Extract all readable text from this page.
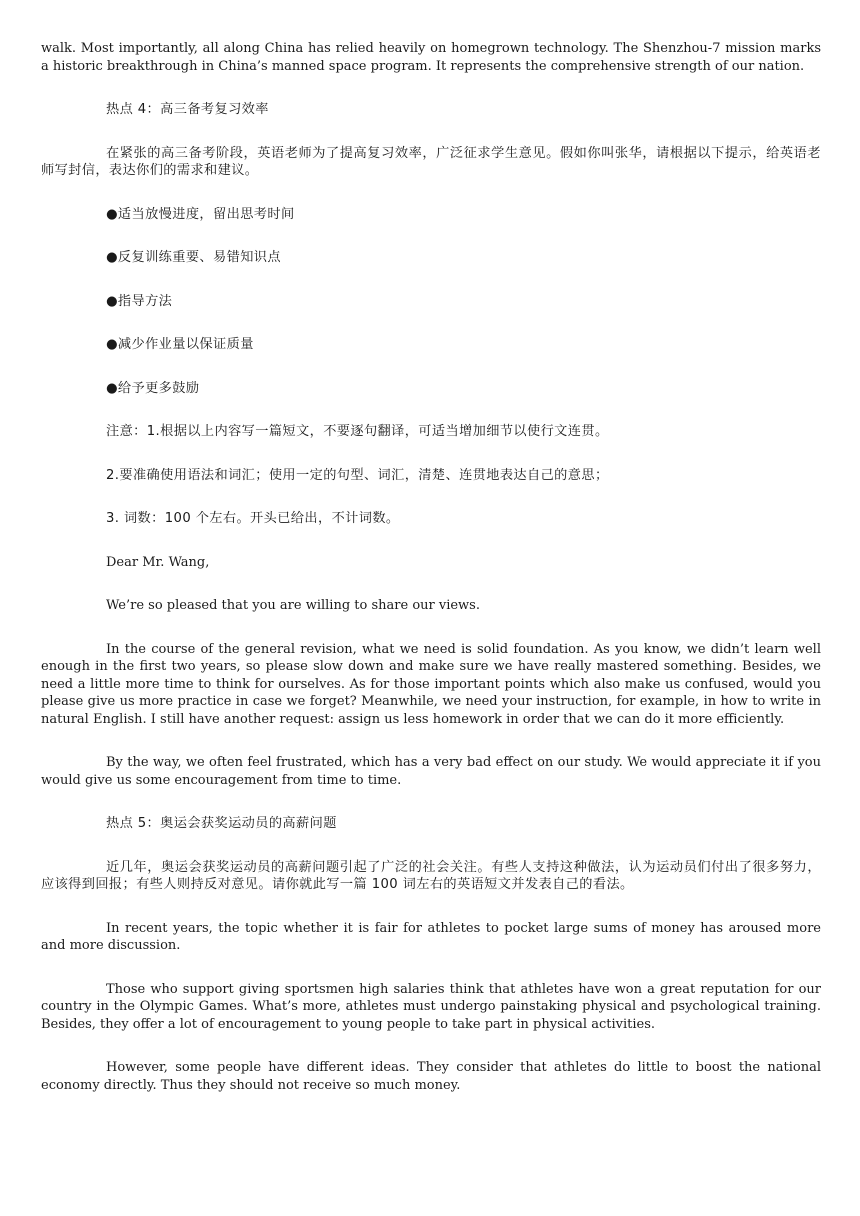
walk. Most importantly, all along China has relied heavily on homegrown technology. The Shenzhou-7 mission marks a historic breakthrough in China’s manned space program. It represents the comprehensive strength of our nation.

热点 4：高三备考复习效率

在紧张的高三备考阶段，英语老师为了提高复习效率，广泛征求学生意见。假如你叫张华，请根据以下提示，给英语老师写封信，表达你们的需求和建议。

●适当放慢进度，留出思考时间

●反复训练重要、易错知识点

●指导方法

●减少作业量以保证质量

●给予更多鼓励

注意：1.根据以上内容写一篇短文，不要逐句翻译，可适当增加细节以使行文连贯。

2.要准确使用语法和词汇；使用一定的句型、词汇，清楚、连贯地表达自己的意思；

3. 词数：100 个左右。开头已给出，不计词数。

Dear Mr. Wang,

We’re so pleased that you are willing to share our views.

In the course of the general revision, what we need is solid foundation. As you know, we didn’t learn well enough in the first two years, so please slow down and make sure we have really mastered something. Besides, we need a little more time to think for ourselves. As for those important points which also make us confused, would you please give us more practice in case we forget? Meanwhile, we need your instruction, for example, in how to write in natural English. I still have another request: assign us less homework in order that we can do it more efficiently.

By the way, we often feel frustrated, which has a very bad effect on our study. We would appreciate it if you would give us some encouragement from time to time.

热点 5：奥运会获奖运动员的高薪问题

近几年，奥运会获奖运动员的高薪问题引起了广泛的社会关注。有些人支持这种做法，认为运动员们付出了很多努力，应该得到回报；有些人则持反对意见。请你就此写一篇 100 词左右的英语短文并发表自己的看法。

In recent years, the topic whether it is fair for athletes to pocket large sums of money has aroused more and more discussion.

Those who support giving sportsmen high salaries think that athletes have won a great reputation for our country in the Olympic Games. What’s more, athletes must undergo painstaking physical and psychological training. Besides, they offer a lot of encouragement to young people to take part in physical activities.

However, some people have different ideas. They consider that athletes do little to boost the national economy directly. Thus they should not receive so much money.
